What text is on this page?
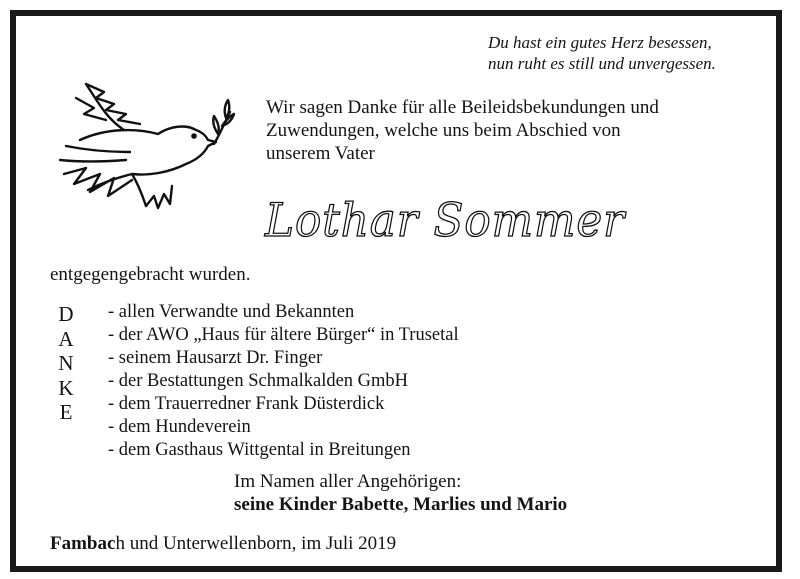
Du hast ein gutes Herz besessen,
nun ruht es still und unvergessen.
Wir sagen Danke für alle Beileidsbekundungen und
Zuwendungen, welche uns beim Abschied von
unserem Vater
Lothar Sommer
entgegengebracht wurden.
D
A
N
K
E
- allen Verwandte und Bekannten
- der AWO „Haus für ältere Bürger“ in Trusetal
- seinem Hausarzt Dr. Finger
- der Bestattungen Schmalkalden GmbH
- dem Trauerredner Frank Düsterdick
- dem Hundeverein
- dem Gasthaus Wittgental in Breitungen
Im Namen aller Angehörigen:
seine Kinder Babette, Marlies und Mario
Fambach und Unterwellenborn, im Juli 2019
